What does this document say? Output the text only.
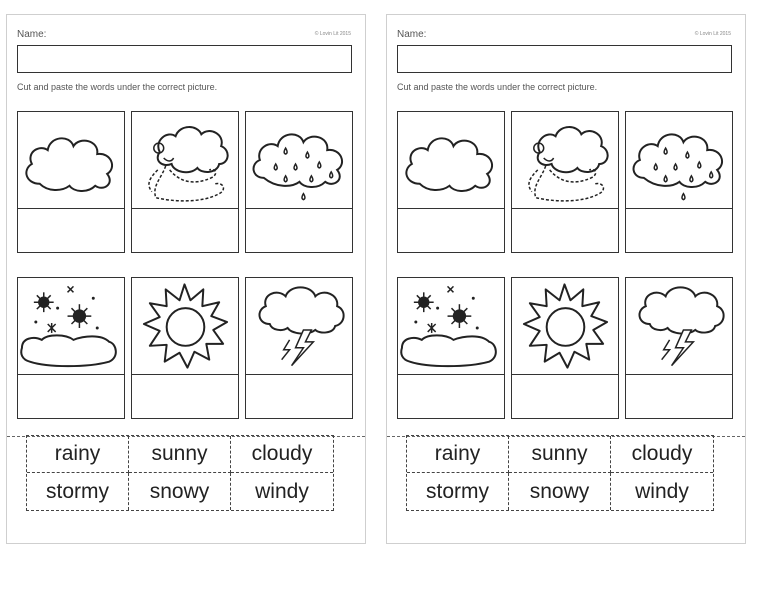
Name:	© Lovin Lit 2015
Cut and paste the words under the correct picture.
rainy	sunny	cloudy
stormy	snowy	windy
Name:	© Lovin Lit 2015
Cut and paste the words under the correct picture.
rainy	sunny	cloudy
stormy	snowy	windy
